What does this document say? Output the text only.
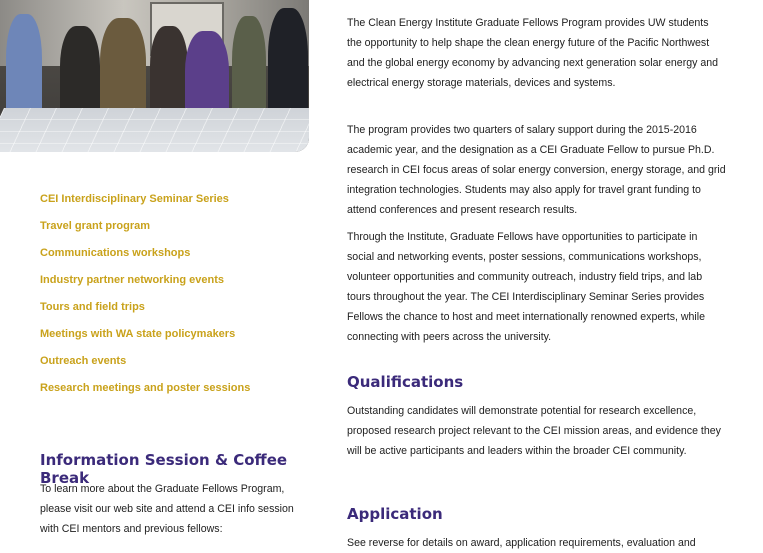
CEI Interdisciplinary Seminar Series
Travel grant program
Communications workshops
Industry partner networking events
Tours and field trips
Meetings with WA state policymakers
Outreach events
Research meetings and poster sessions
Information Session & Coffee Break

To learn more about the Graduate Fellows Program, please visit our web site and attend a CEI info session with CEI mentors and previous fellows:

The Clean Energy Institute Graduate Fellows Program provides UW students the opportunity to help shape the clean energy future of the Pacific Northwest and the global energy economy by advancing next generation solar energy and electrical energy storage materials, devices and systems.

The program provides two quarters of salary support during the 2015-2016 academic year, and the designation as a CEI Graduate Fellow to pursue Ph.D. research in CEI focus areas of solar energy conversion, energy storage, and grid integration technologies. Students may also apply for travel grant funding to attend conferences and present research results.

Through the Institute, Graduate Fellows have opportunities to participate in social and networking events, poster sessions, communications workshops, volunteer opportunities and community outreach, industry field trips, and lab tours throughout the year. The CEI Interdisciplinary Seminar Series provides Fellows the chance to host and meet internationally renowned experts, while connecting with peers across the university.

Qualifications

Outstanding candidates will demonstrate potential for research excellence, proposed research project relevant to the CEI mission areas, and evidence they will be active participants and leaders within the broader CEI community.

Application

See reverse for details on award, application requirements, evaluation and
